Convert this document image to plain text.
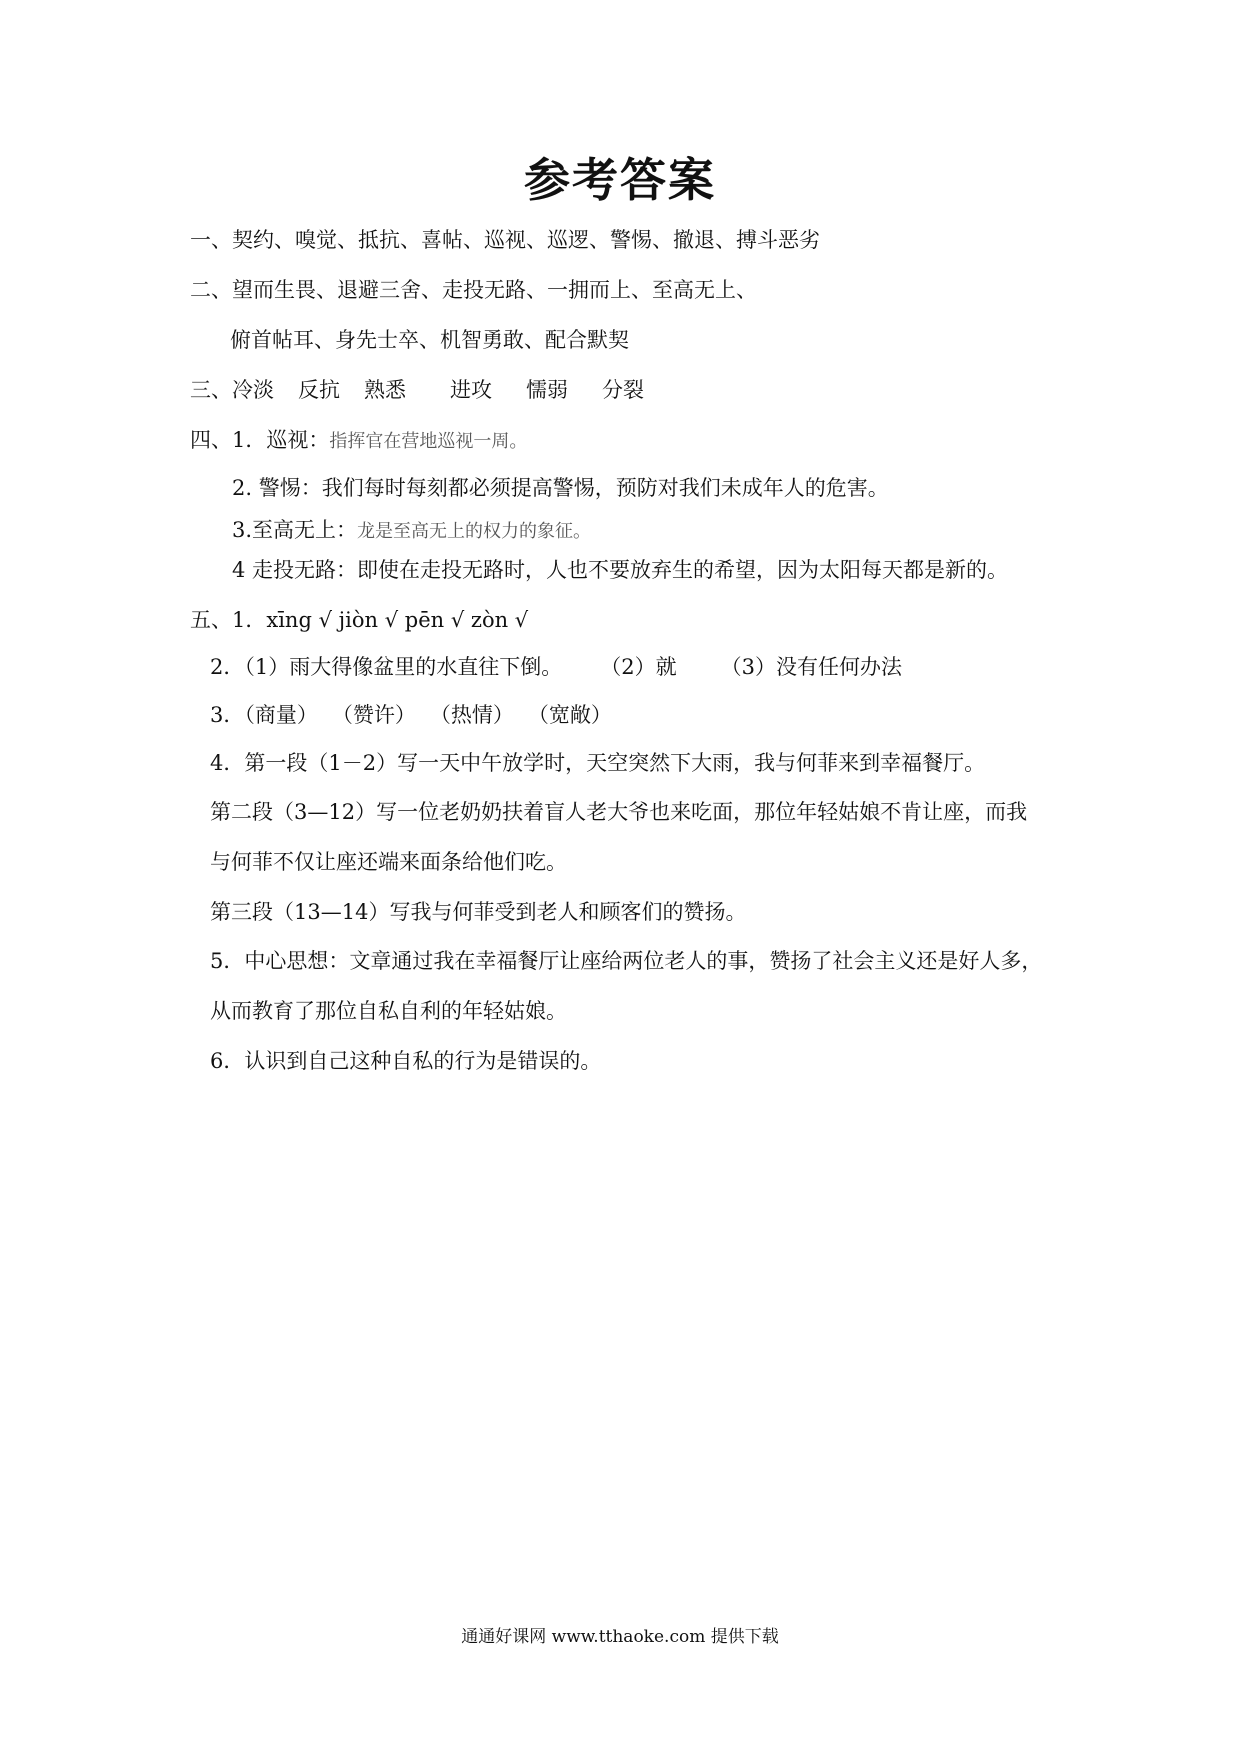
参考答案
一、契约、嗅觉、抵抗、喜帖、巡视、巡逻、警惕、撤退、搏斗恶劣
二、望而生畏、退避三舍、走投无路、一拥而上、至高无上、
俯首帖耳、身先士卒、机智勇敢、配合默契
三、冷淡 反抗 熟悉 进攻 懦弱 分裂
四、1．巡视：指挥官在营地巡视一周。
2. 警惕：我们每时每刻都必须提高警惕，预防对我们未成年人的危害。
3.至高无上：龙是至高无上的权力的象征。
4 走投无路：即使在走投无路时，人也不要放弃生的希望，因为太阳每天都是新的。
五、1．xīng √ jiòn √ pēn √ zòn √
2．（1）雨大得像盆里的水直往下倒。 （2）就 （3）没有任何办法
3．（商量） （赞许） （热情） （宽敞）
4．第一段（1－2）写一天中午放学时，天空突然下大雨，我与何菲来到幸福餐厅。
第二段（3—12）写一位老奶奶扶着盲人老大爷也来吃面，那位年轻姑娘不肯让座，而我
与何菲不仅让座还端来面条给他们吃。
第三段（13—14）写我与何菲受到老人和顾客们的赞扬。
5．中心思想：文章通过我在幸福餐厅让座给两位老人的事，赞扬了社会主义还是好人多，
从而教育了那位自私自利的年轻姑娘。
6．认识到自己这种自私的行为是错误的。
通通好课网 www.tthaoke.com 提供下载
